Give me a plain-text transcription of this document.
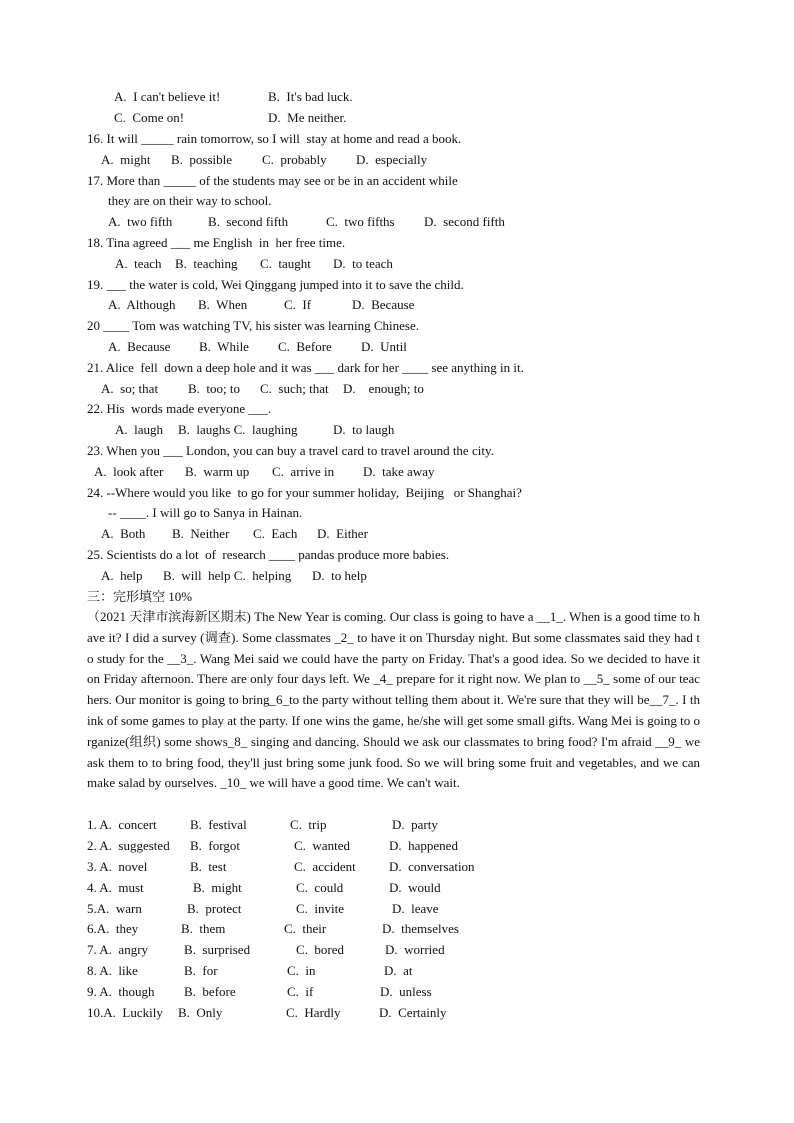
A.  I can't believe it!	B.  It's bad luck.
C.  Come on!	D.  Me neither.
16. It will _____ rain tomorrow, so I will  stay at home and read a book.
A.  might B.  possible C.  probably D.  especially
17. More than _____ of the students may see or be in an accident while
they are on their way to school.
A.  two fifth	B.  second fifth	C.  two fifths D.  second fifth
18. Tina agreed ___ me English  in  her free time.
A.  teach B.  teaching C.  taught D.  to teach
19. ___ the water is cold, Wei Qinggang jumped into it to save the child.
A.  Although B.  When	C.  If	D.  Because
20 ____ Tom was watching TV, his sister was learning Chinese.
A.  Because B.  While C.  Before D.  Until
21. Alice  fell  down a deep hole and it was ___ dark for her ____ see anything in it.
A.  so; that B.  too; to C.  such; that D.    enough; to
22. His  words made everyone ___.
A.  laugh B.  laughs C.  laughing	D.  to laugh
23. When you ___ London, you can buy a travel card to travel around the city.
A.  look after B.  warm up C.  arrive in D.  take away
24. --Where would you like  to go for your summer holiday,  Beijing   or Shanghai?
-- ____. I will go to Sanya in Hainan.
A.  Both B.  Neither C.  Each D.  Either
25. Scientists do a lot  of  research ____ pandas produce more babies.
A.  help B.  will  help C.  helping D.  to help
三：完形填空 10%
（2021 天津市滨海新区期末) The New Year is coming. Our class is going to have a __1_. When is a good time to have it? I did a survey (调查). Some classmates _2_ to have it on Thursday night. But some classmates said they had to study for the __3_. Wang Mei said we could have the party on Friday. That's a good idea. So we decided to have it on Friday afternoon. There are only four days left. We _4_ prepare for it right now. We plan to __5_ some of our teachers. Our monitor is going to bring_6_to the party without telling them about it. We're sure that they will be__7_. I think of some games to play at the party. If one wins the game, he/she will get some small gifts. Wang Mei is going to organize(组织) some shows_8_ singing and dancing. Should we ask our classmates to bring food? I'm afraid __9_ we ask them to to bring food, they'll just bring some junk food. So we will bring some fruit and vegetables, and we can make salad by ourselves. _10_ we will have a good time. We can't wait.
1. A.  concert	B.  festival	C.  trip	D.  party
2. A.  suggested B.  forgot	C.  wanted	D.  happened
3. A.  novel	B.  test	C.  accident	D.  conversation
4. A.  must	B.  might	C.  could	D.  would
5.A.  warn	B.  protect	C.  invite	D.  leave
6.A.  they	B.  them	C.  their	D.  themselves
7. A.  angry	B.  surprised	C.  bored	D.  worried
8. A.  like	B.  for	C.  in	D.  at
9. A.  though B.  before	C.  if	D.  unless
10.A.  Luckily B.  Only	C.  Hardly	D.  Certainly
